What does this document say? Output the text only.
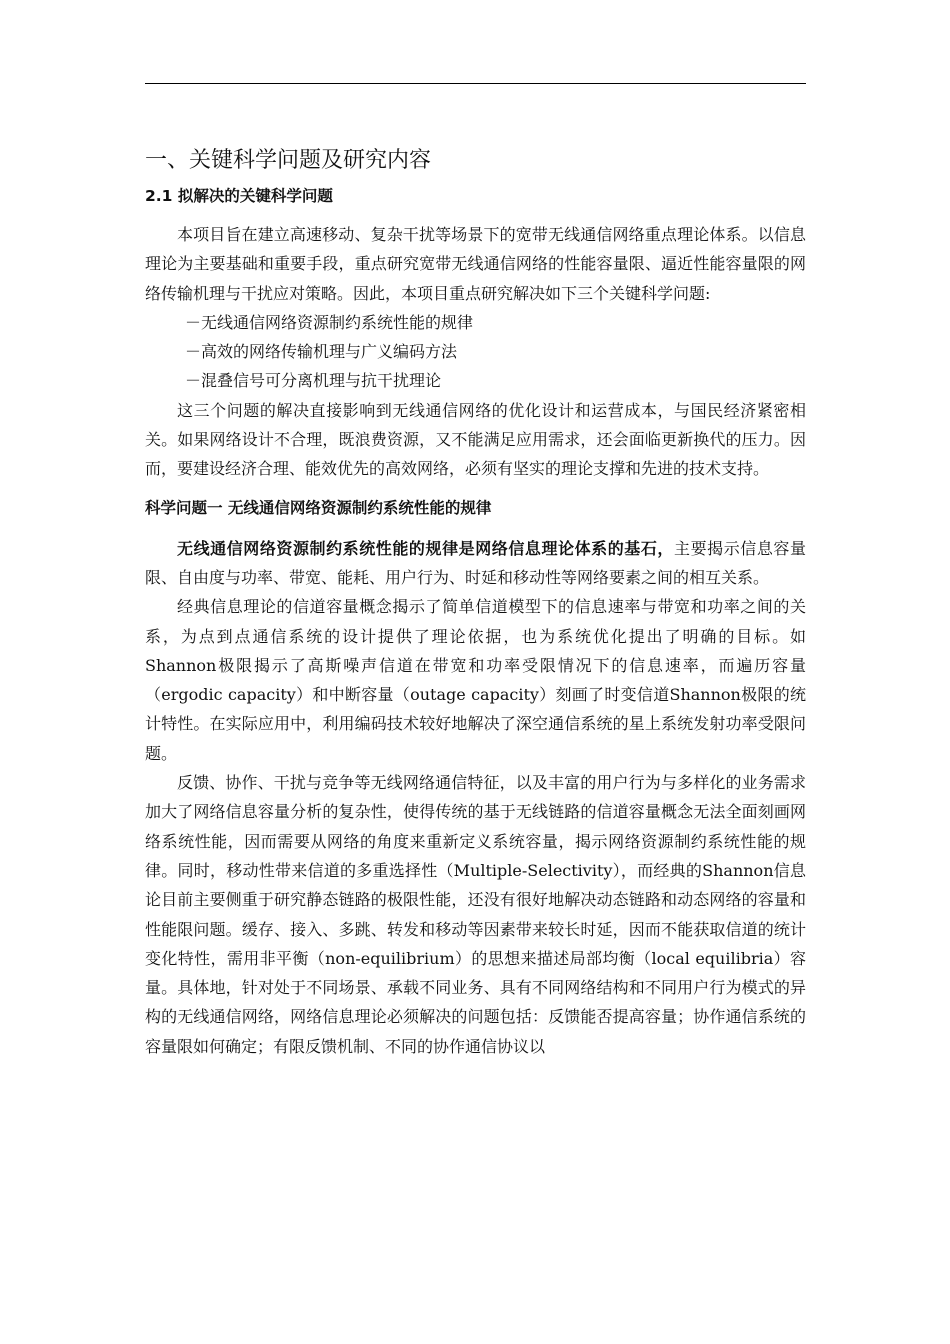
一、关键科学问题及研究内容
2.1 拟解决的关键科学问题

本项目旨在建立高速移动、复杂干扰等场景下的宽带无线通信网络重点理论体系。以信息理论为主要基础和重要手段，重点研究宽带无线通信网络的性能容量限、逼近性能容量限的网络传输机理与干扰应对策略。因此，本项目重点研究解决如下三个关键科学问题:

－无线通信网络资源制约系统性能的规律
－高效的网络传输机理与广义编码方法
－混叠信号可分离机理与抗干扰理论

这三个问题的解决直接影响到无线通信网络的优化设计和运营成本，与国民经济紧密相关。如果网络设计不合理，既浪费资源，又不能满足应用需求，还会面临更新换代的压力。因而，要建设经济合理、能效优先的高效网络，必须有坚实的理论支撑和先进的技术支持。

科学问题一 无线通信网络资源制约系统性能的规律

无线通信网络资源制约系统性能的规律是网络信息理论体系的基石，主要揭示信息容量限、自由度与功率、带宽、能耗、用户行为、时延和移动性等网络要素之间的相互关系。

经典信息理论的信道容量概念揭示了简单信道模型下的信息速率与带宽和功率之间的关系，为点到点通信系统的设计提供了理论依据，也为系统优化提出了明确的目标。如Shannon极限揭示了高斯噪声信道在带宽和功率受限情况下的信息速率，而遍历容量（ergodic capacity）和中断容量（outage capacity）刻画了时变信道Shannon极限的统计特性。在实际应用中，利用编码技术较好地解决了深空通信系统的星上系统发射功率受限问题。

反馈、协作、干扰与竞争等无线网络通信特征，以及丰富的用户行为与多样化的业务需求加大了网络信息容量分析的复杂性，使得传统的基于无线链路的信道容量概念无法全面刻画网络系统性能，因而需要从网络的角度来重新定义系统容量，揭示网络资源制约系统性能的规律。同时，移动性带来信道的多重选择性（Multiple-Selectivity），而经典的Shannon信息论目前主要侧重于研究静态链路的极限性能，还没有很好地解决动态链路和动态网络的容量和性能限问题。缓存、接入、多跳、转发和移动等因素带来较长时延，因而不能获取信道的统计变化特性，需用非平衡（non-equilibrium）的思想来描述局部均衡（local equilibria）容量。具体地，针对处于不同场景、承载不同业务、具有不同网络结构和不同用户行为模式的异构的无线通信网络，网络信息理论必须解决的问题包括：反馈能否提高容量；协作通信系统的容量限如何确定；有限反馈机制、不同的协作通信协议以
